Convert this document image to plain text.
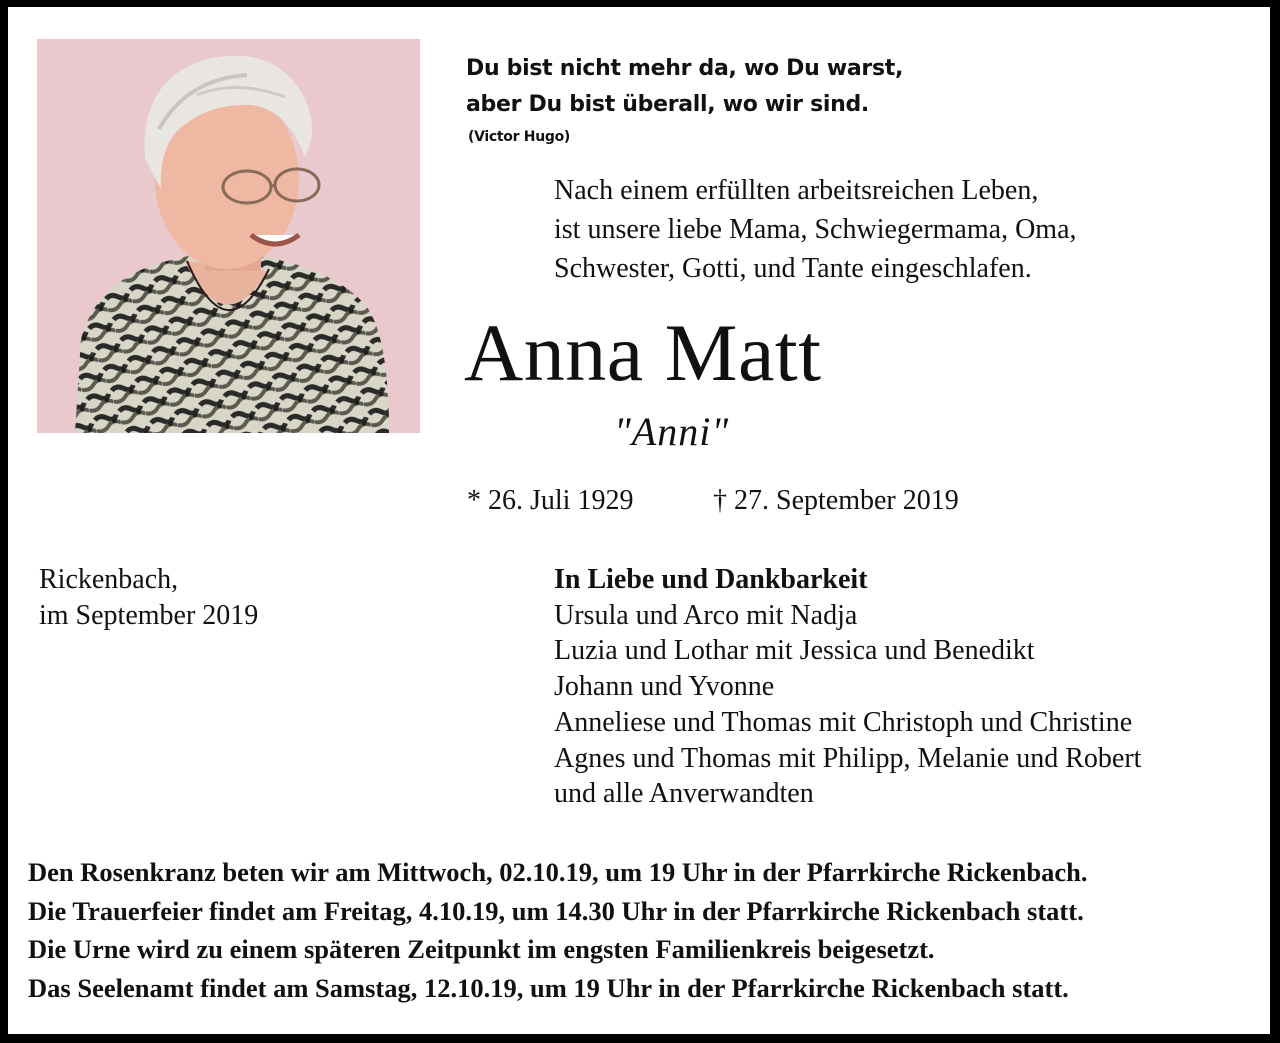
Du bist nicht mehr da, wo Du warst,
aber Du bist überall, wo wir sind.
(Victor Hugo)
Nach einem erfüllten arbeitsreichen Leben,
ist unsere liebe Mama, Schwiegermama, Oma,
Schwester, Gotti, und Tante eingeschlafen.
Anna Matt
"Anni"
* 26. Juli 1929	† 27. September 2019
Rickenbach,
im September 2019
In Liebe und Dankbarkeit
Ursula und Arco mit Nadja
Luzia und Lothar mit Jessica und Benedikt
Johann und Yvonne
Anneliese und Thomas mit Christoph und Christine
Agnes und Thomas mit Philipp, Melanie und Robert
und alle Anverwandten
Den Rosenkranz beten wir am Mittwoch, 02.10.19, um 19 Uhr in der Pfarrkirche Rickenbach.
Die Trauerfeier findet am Freitag, 4.10.19, um 14.30 Uhr in der Pfarrkirche Rickenbach statt.
Die Urne wird zu einem späteren Zeitpunkt im engsten Familienkreis beigesetzt.
Das Seelenamt findet am Samstag, 12.10.19, um 19 Uhr in der Pfarrkirche Rickenbach statt.
